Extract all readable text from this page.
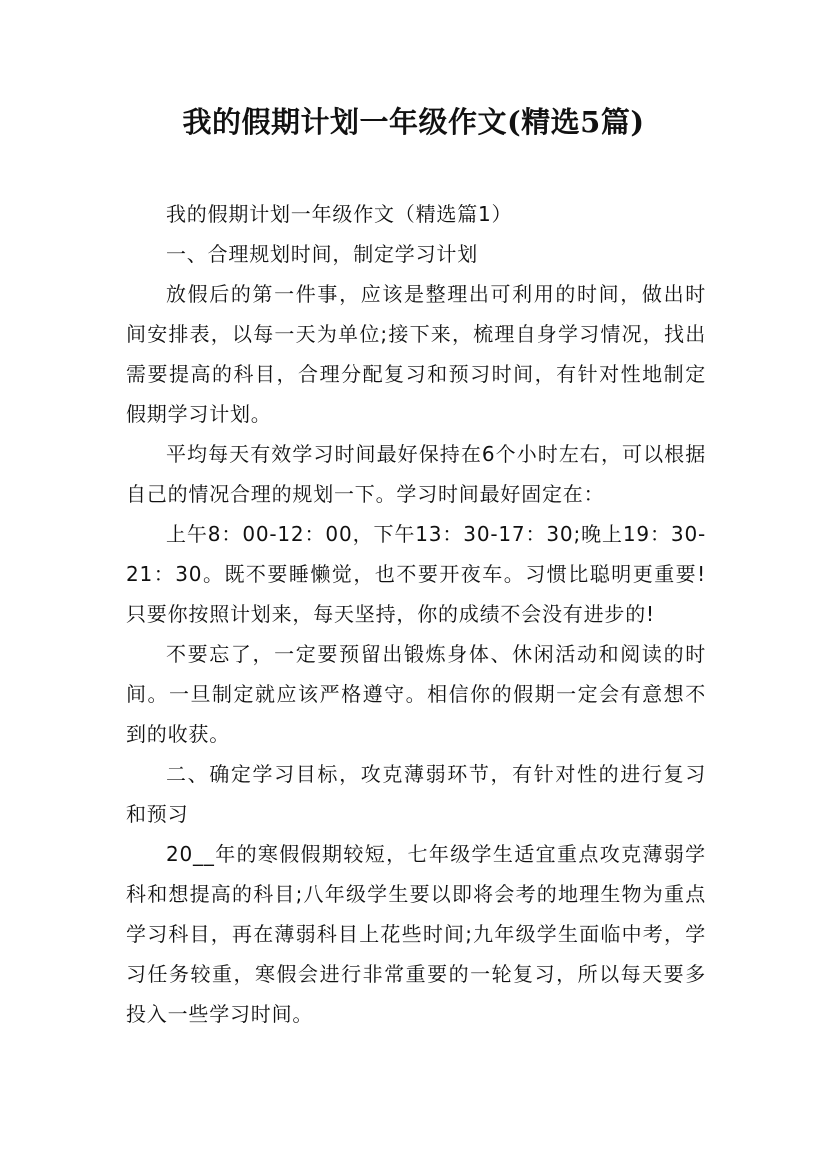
我的假期计划一年级作文(精选5篇)

我的假期计划一年级作文（精选篇1）

一、合理规划时间，制定学习计划

放假后的第一件事，应该是整理出可利用的时间，做出时间安排表，以每一天为单位;接下来，梳理自身学习情况，找出需要提高的科目，合理分配复习和预习时间，有针对性地制定假期学习计划。

平均每天有效学习时间最好保持在6个小时左右，可以根据自己的情况合理的规划一下。学习时间最好固定在：

上午8：00-12：00，下午13：30-17：30;晚上19：30-21：30。既不要睡懒觉，也不要开夜车。习惯比聪明更重要!只要你按照计划来，每天坚持，你的成绩不会没有进步的!

不要忘了，一定要预留出锻炼身体、休闲活动和阅读的时间。一旦制定就应该严格遵守。相信你的假期一定会有意想不到的收获。

二、确定学习目标，攻克薄弱环节，有针对性的进行复习和预习

20__年的寒假假期较短，七年级学生适宜重点攻克薄弱学科和想提高的科目;八年级学生要以即将会考的地理生物为重点学习科目，再在薄弱科目上花些时间;九年级学生面临中考，学习任务较重，寒假会进行非常重要的一轮复习，所以每天要多投入一些学习时间。
